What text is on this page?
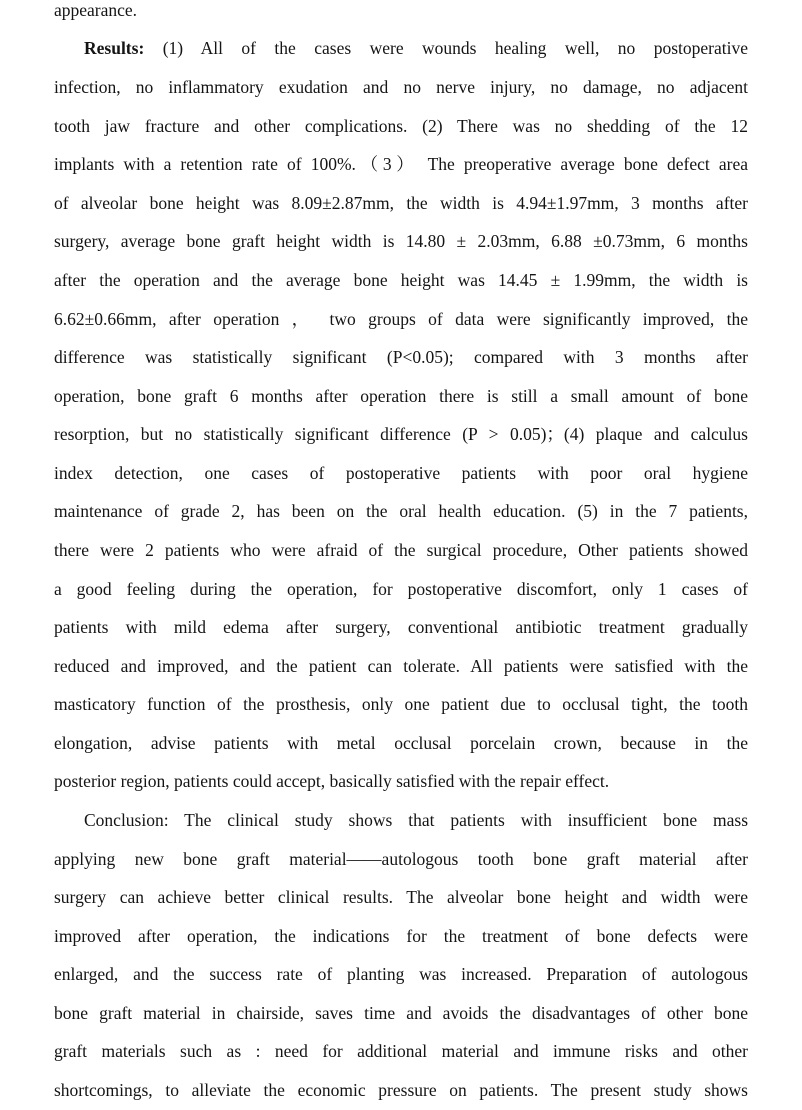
appearance.
Results: (1) All of the cases were wounds healing well, no postoperative
infection, no inflammatory exudation and no nerve injury, no damage, no adjacent
tooth jaw fracture and other complications. (2) There was no shedding of the 12
implants with a retention rate of 100%.（3） The preoperative average bone defect area
of alveolar bone height was 8.09±2.87mm, the width is 4.94±1.97mm, 3 months after
surgery, average bone graft height width is 14.80 ± 2.03mm, 6.88 ±0.73mm, 6 months
after the operation and the average bone height was 14.45 ± 1.99mm, the width is
6.62±0.66mm, after operation ， two groups of data were significantly improved, the
difference was statistically significant (P<0.05); compared with 3 months after
operation, bone graft 6 months after operation there is still a small amount of bone
resorption, but no statistically significant difference (P > 0.05)；(4) plaque and calculus
index detection, one cases of postoperative patients with poor oral hygiene
maintenance of grade 2, has been on the oral health education. (5) in the 7 patients,
there were 2 patients who were afraid of the surgical procedure, Other patients showed
a good feeling during the operation, for postoperative discomfort, only 1 cases of
patients with mild edema after surgery, conventional antibiotic treatment gradually
reduced and improved, and the patient can tolerate. All patients were satisfied with the
masticatory function of the prosthesis, only one patient due to occlusal tight, the tooth
elongation, advise patients with metal occlusal porcelain crown, because in the
posterior region, patients could accept, basically satisfied with the repair effect.
Conclusion: The clinical study shows that patients with insufficient bone mass
applying new bone graft material——autologous tooth bone graft material after
surgery can achieve better clinical results. The alveolar bone height and width were
improved after operation, the indications for the treatment of bone defects were
enlarged, and the success rate of planting was increased. Preparation of autologous
bone graft material in chairside, saves time and avoids the disadvantages of other bone
graft materials such as : need for additional material and immune risks and other
shortcomings, to alleviate the economic pressure on patients. The present study shows
